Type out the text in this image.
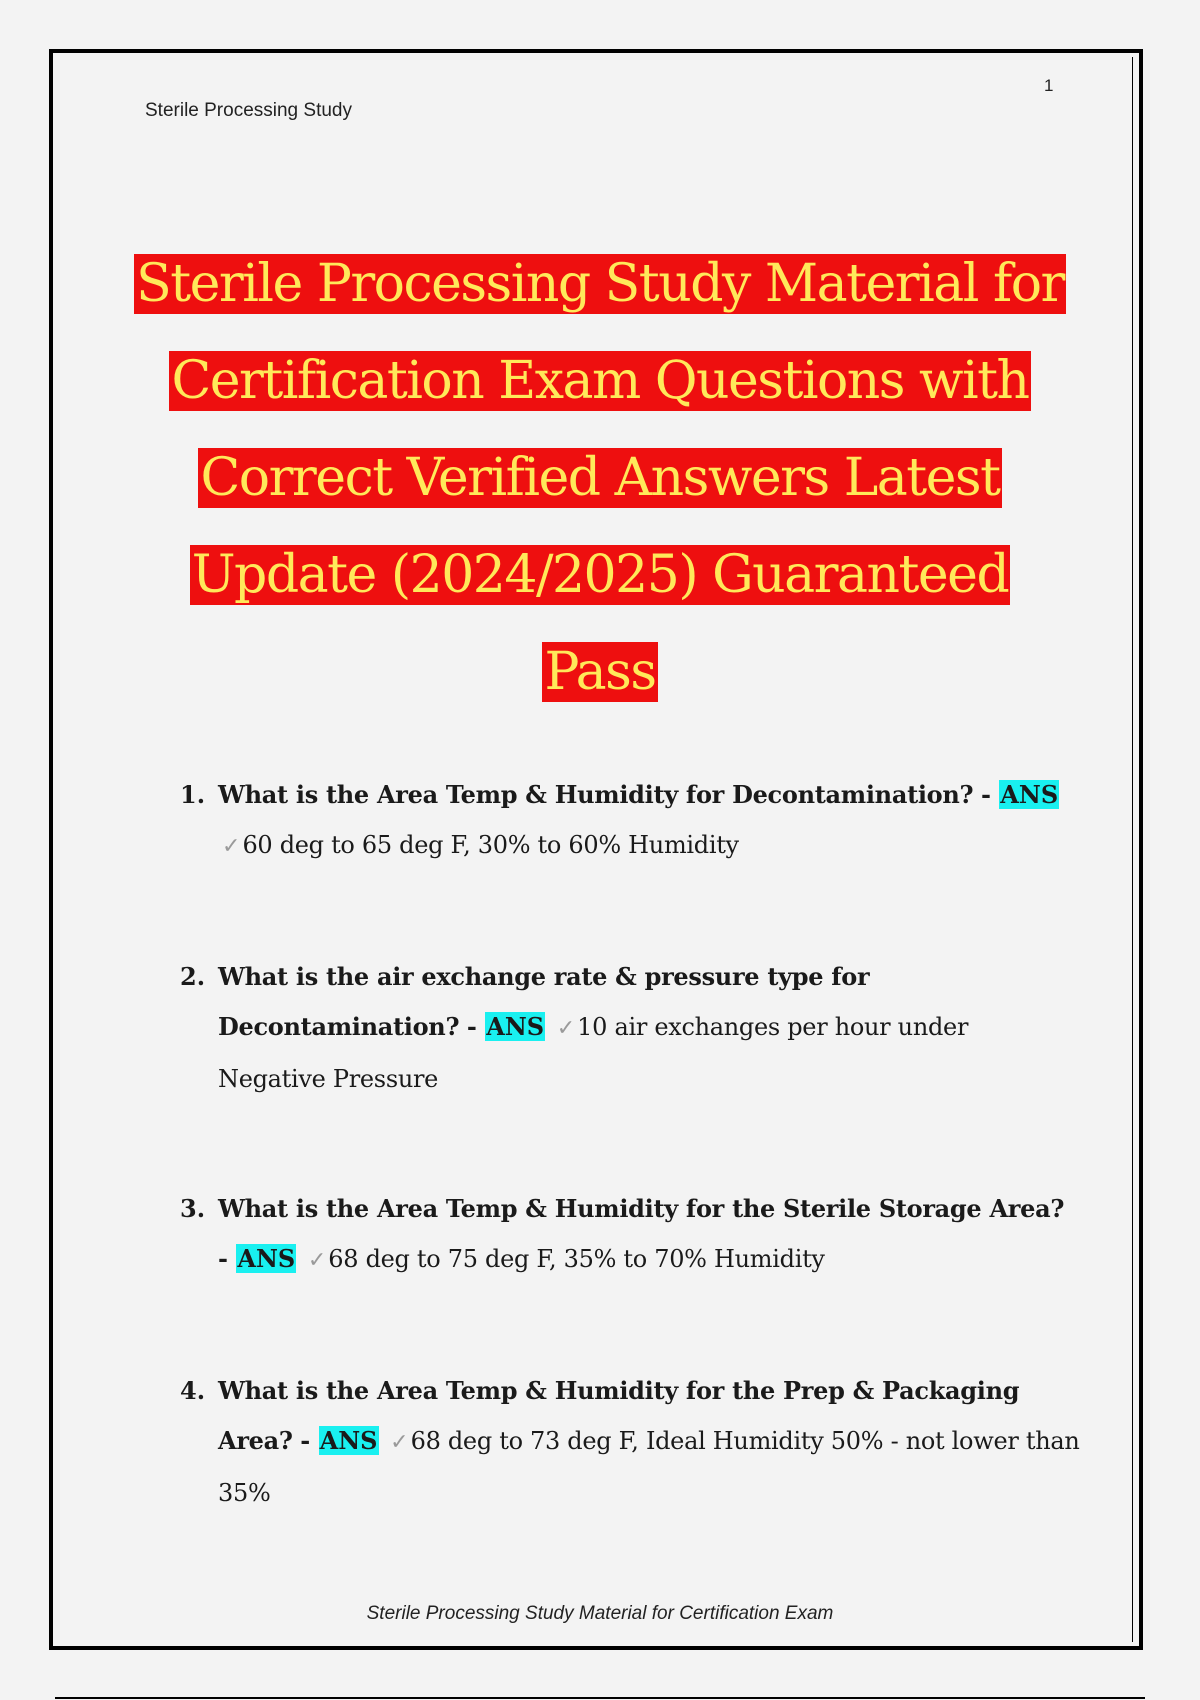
Sterile Processing Study
1
Sterile Processing Study Material for
Certification Exam Questions with
Correct Verified Answers Latest
Update (2024/2025) Guaranteed
Pass
1. What is the Area Temp & Humidity for Decontamination? - ANS
✓60 deg to 65 deg F, 30% to 60% Humidity
2. What is the air exchange rate & pressure type for Decontamination? - ANS ✓10 air exchanges per hour under Negative Pressure
3. What is the Area Temp & Humidity for the Sterile Storage Area? - ANS ✓68 deg to 75 deg F, 35% to 70% Humidity
4. What is the Area Temp & Humidity for the Prep & Packaging Area? - ANS ✓68 deg to 73 deg F, Ideal Humidity 50% - not lower than 35%
Sterile Processing Study Material for Certification Exam
